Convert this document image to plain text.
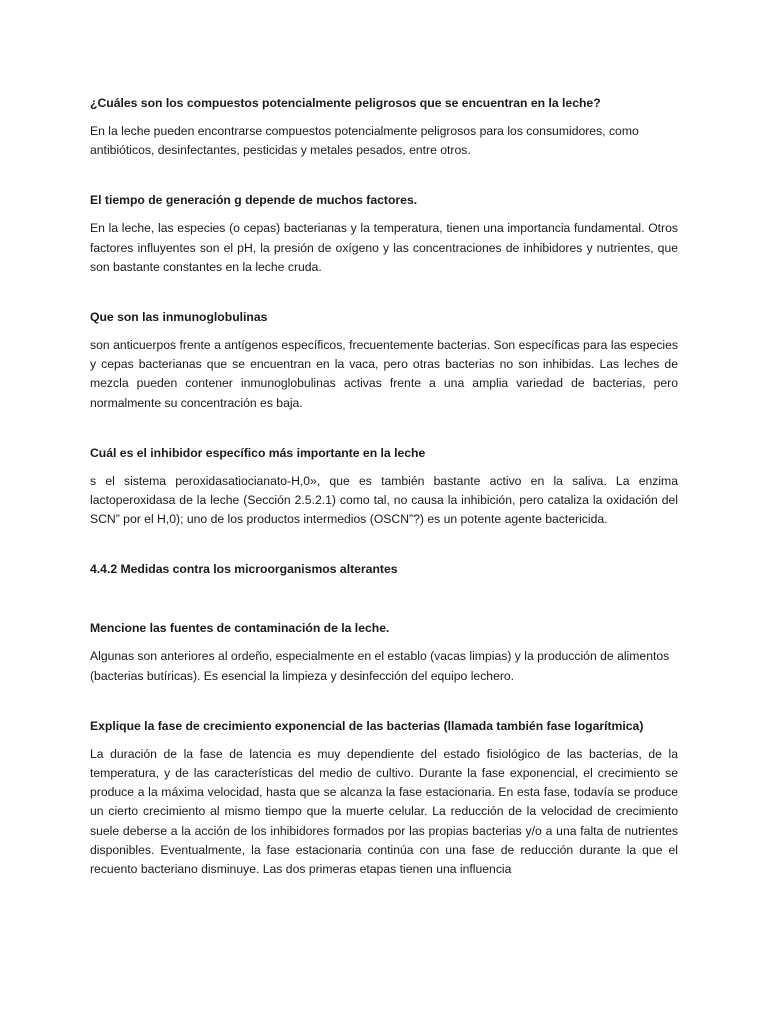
¿Cuáles son los compuestos potencialmente peligrosos que se encuentran en la leche?

En la leche pueden encontrarse compuestos potencialmente peligrosos para los consumidores, como antibióticos, desinfectantes, pesticidas y metales pesados, entre otros.

El tiempo de generación g depende de muchos factores.

En la leche, las especies (o cepas) bacterianas y la temperatura, tienen una importancia fundamental. Otros factores influyentes son el pH, la presión de oxígeno y las concentraciones de inhibidores y nutrientes, que son bastante constantes en la leche cruda.

Que son las inmunoglobulinas

son anticuerpos frente a antígenos específicos, frecuentemente bacterias. Son específicas para las especies y cepas bacterianas que se encuentran en la vaca, pero otras bacterias no son inhibidas. Las leches de mezcla pueden contener inmunoglobulinas activas frente a una amplia variedad de bacterias, pero normalmente su concentración es baja.

Cuál es el inhibidor específico más importante en la leche

s el sistema peroxidasatiocianato-H,0», que es también bastante activo en la saliva. La enzima lactoperoxidasa de la leche (Sección 2.5.2.1) como tal, no causa la inhibición, pero cataliza la oxidación del SCN” por el H,0); uno de los productos intermedios (OSCN”?) es un potente agente bactericida.

4.4.2 Medidas contra los microorganismos alterantes

Mencione las fuentes de contaminación de la leche.

Algunas son anteriores al ordeño, especialmente en el establo (vacas limpias) y la producción de alimentos (bacterias butíricas). Es esencial la limpieza y desinfección del equipo lechero.

Explique la fase de crecimiento exponencial de las bacterias (llamada también fase logarítmica)

La duración de la fase de latencia es muy dependiente del estado fisiológico de las bacterias, de la temperatura, y de las características del medio de cultivo. Durante la fase exponencial, el crecimiento se produce a la máxima velocidad, hasta que se alcanza la fase estacionaria. En esta fase, todavía se produce un cierto crecimiento al mismo tiempo que la muerte celular. La reducción de la velocidad de crecimiento suele deberse a la acción de los inhibidores formados por las propias bacterias y/o a una falta de nutrientes disponibles. Eventualmente, la fase estacionaria continúa con una fase de reducción durante la que el recuento bacteriano disminuye. Las dos primeras etapas tienen una influencia
